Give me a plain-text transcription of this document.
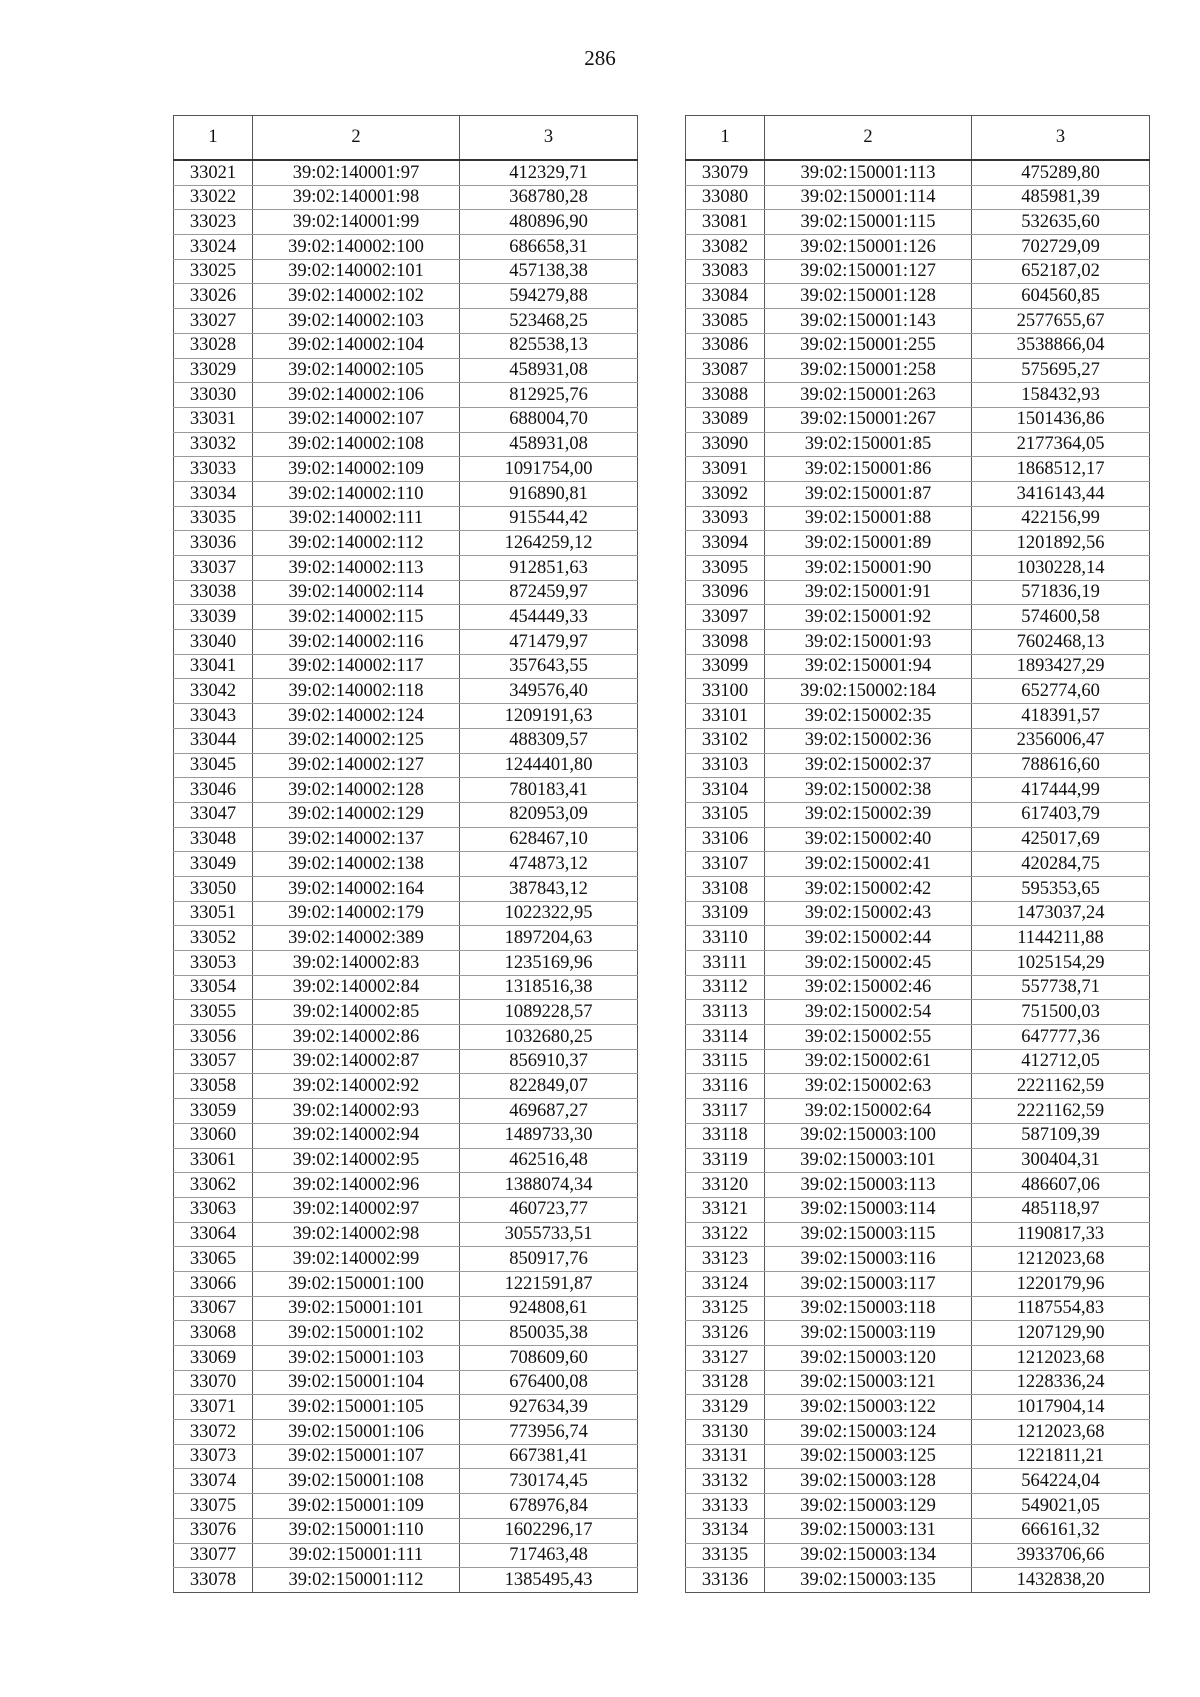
286
1	2	3
33021	39:02:140001:97	412329,71
33022	39:02:140001:98	368780,28
33023	39:02:140001:99	480896,90
33024	39:02:140002:100	686658,31
33025	39:02:140002:101	457138,38
33026	39:02:140002:102	594279,88
33027	39:02:140002:103	523468,25
33028	39:02:140002:104	825538,13
33029	39:02:140002:105	458931,08
33030	39:02:140002:106	812925,76
33031	39:02:140002:107	688004,70
33032	39:02:140002:108	458931,08
33033	39:02:140002:109	1091754,00
33034	39:02:140002:110	916890,81
33035	39:02:140002:111	915544,42
33036	39:02:140002:112	1264259,12
33037	39:02:140002:113	912851,63
33038	39:02:140002:114	872459,97
33039	39:02:140002:115	454449,33
33040	39:02:140002:116	471479,97
33041	39:02:140002:117	357643,55
33042	39:02:140002:118	349576,40
33043	39:02:140002:124	1209191,63
33044	39:02:140002:125	488309,57
33045	39:02:140002:127	1244401,80
33046	39:02:140002:128	780183,41
33047	39:02:140002:129	820953,09
33048	39:02:140002:137	628467,10
33049	39:02:140002:138	474873,12
33050	39:02:140002:164	387843,12
33051	39:02:140002:179	1022322,95
33052	39:02:140002:389	1897204,63
33053	39:02:140002:83	1235169,96
33054	39:02:140002:84	1318516,38
33055	39:02:140002:85	1089228,57
33056	39:02:140002:86	1032680,25
33057	39:02:140002:87	856910,37
33058	39:02:140002:92	822849,07
33059	39:02:140002:93	469687,27
33060	39:02:140002:94	1489733,30
33061	39:02:140002:95	462516,48
33062	39:02:140002:96	1388074,34
33063	39:02:140002:97	460723,77
33064	39:02:140002:98	3055733,51
33065	39:02:140002:99	850917,76
33066	39:02:150001:100	1221591,87
33067	39:02:150001:101	924808,61
33068	39:02:150001:102	850035,38
33069	39:02:150001:103	708609,60
33070	39:02:150001:104	676400,08
33071	39:02:150001:105	927634,39
33072	39:02:150001:106	773956,74
33073	39:02:150001:107	667381,41
33074	39:02:150001:108	730174,45
33075	39:02:150001:109	678976,84
33076	39:02:150001:110	1602296,17
33077	39:02:150001:111	717463,48
33078	39:02:150001:112	1385495,43
1	2	3
33079	39:02:150001:113	475289,80
33080	39:02:150001:114	485981,39
33081	39:02:150001:115	532635,60
33082	39:02:150001:126	702729,09
33083	39:02:150001:127	652187,02
33084	39:02:150001:128	604560,85
33085	39:02:150001:143	2577655,67
33086	39:02:150001:255	3538866,04
33087	39:02:150001:258	575695,27
33088	39:02:150001:263	158432,93
33089	39:02:150001:267	1501436,86
33090	39:02:150001:85	2177364,05
33091	39:02:150001:86	1868512,17
33092	39:02:150001:87	3416143,44
33093	39:02:150001:88	422156,99
33094	39:02:150001:89	1201892,56
33095	39:02:150001:90	1030228,14
33096	39:02:150001:91	571836,19
33097	39:02:150001:92	574600,58
33098	39:02:150001:93	7602468,13
33099	39:02:150001:94	1893427,29
33100	39:02:150002:184	652774,60
33101	39:02:150002:35	418391,57
33102	39:02:150002:36	2356006,47
33103	39:02:150002:37	788616,60
33104	39:02:150002:38	417444,99
33105	39:02:150002:39	617403,79
33106	39:02:150002:40	425017,69
33107	39:02:150002:41	420284,75
33108	39:02:150002:42	595353,65
33109	39:02:150002:43	1473037,24
33110	39:02:150002:44	1144211,88
33111	39:02:150002:45	1025154,29
33112	39:02:150002:46	557738,71
33113	39:02:150002:54	751500,03
33114	39:02:150002:55	647777,36
33115	39:02:150002:61	412712,05
33116	39:02:150002:63	2221162,59
33117	39:02:150002:64	2221162,59
33118	39:02:150003:100	587109,39
33119	39:02:150003:101	300404,31
33120	39:02:150003:113	486607,06
33121	39:02:150003:114	485118,97
33122	39:02:150003:115	1190817,33
33123	39:02:150003:116	1212023,68
33124	39:02:150003:117	1220179,96
33125	39:02:150003:118	1187554,83
33126	39:02:150003:119	1207129,90
33127	39:02:150003:120	1212023,68
33128	39:02:150003:121	1228336,24
33129	39:02:150003:122	1017904,14
33130	39:02:150003:124	1212023,68
33131	39:02:150003:125	1221811,21
33132	39:02:150003:128	564224,04
33133	39:02:150003:129	549021,05
33134	39:02:150003:131	666161,32
33135	39:02:150003:134	3933706,66
33136	39:02:150003:135	1432838,20
